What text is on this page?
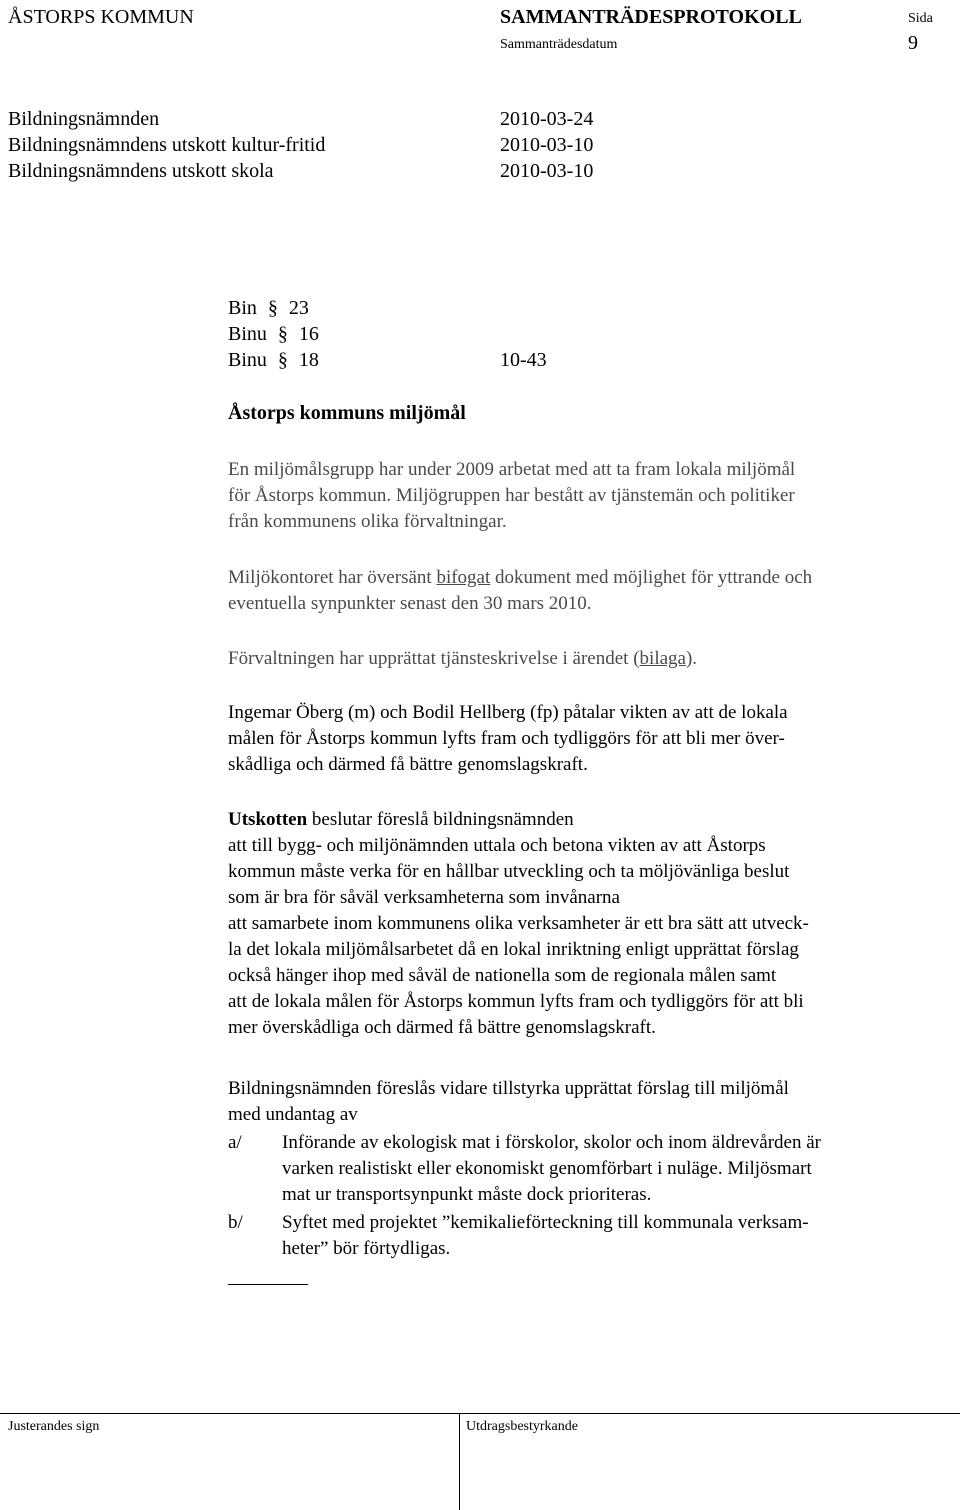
ÅSTORPS KOMMUN	SAMMANTRÄDESPROTOKOLL	Sida
Sammanträdesdatum	9
Bildningsnämnden	2010-03-24
Bildningsnämndens utskott kultur-fritid	2010-03-10
Bildningsnämndens utskott skola	2010-03-10
Bin § 23
Binu § 16
Binu § 18	10-43
Åstorps kommuns miljömål
En miljömålsgrupp har under 2009 arbetat med att ta fram lokala miljömål
för Åstorps kommun. Miljögruppen har bestått av tjänstemän och politiker
från kommunens olika förvaltningar.
Miljökontoret har översänt bifogat dokument med möjlighet för yttrande och
eventuella synpunkter senast den 30 mars 2010.
Förvaltningen har upprättat tjänsteskrivelse i ärendet (bilaga).
Ingemar Öberg (m) och Bodil Hellberg (fp) påtalar vikten av att de lokala
målen för Åstorps kommun lyfts fram och tydliggörs för att bli mer över-
skådliga och därmed få bättre genomslagskraft.
Utskotten beslutar föreslå bildningsnämnden
att till bygg- och miljönämnden uttala och betona vikten av att Åstorps
kommun måste verka för en hållbar utveckling och ta möljövänliga beslut
som är bra för såväl verksamheterna som invånarna
att samarbete inom kommunens olika verksamheter är ett bra sätt att utveck-
la det lokala miljömålsarbetet då en lokal inriktning enligt upprättat förslag
också hänger ihop med såväl de nationella som de regionala målen samt
att de lokala målen för Åstorps kommun lyfts fram och tydliggörs för att bli
mer överskådliga och därmed få bättre genomslagskraft.
Bildningsnämnden föreslås vidare tillstyrka upprättat förslag till miljömål
med undantag av
a/ Införande av ekologisk mat i förskolor, skolor och inom äldrevården är
varken realistiskt eller ekonomiskt genomförbart i nuläge. Miljösmart
mat ur transportsynpunkt måste dock prioriteras.
b/ Syftet med projektet ”kemikalieförteckning till kommunala verksam-
heter” bör förtydligas.
Justerandes sign	Utdragsbestyrkande
